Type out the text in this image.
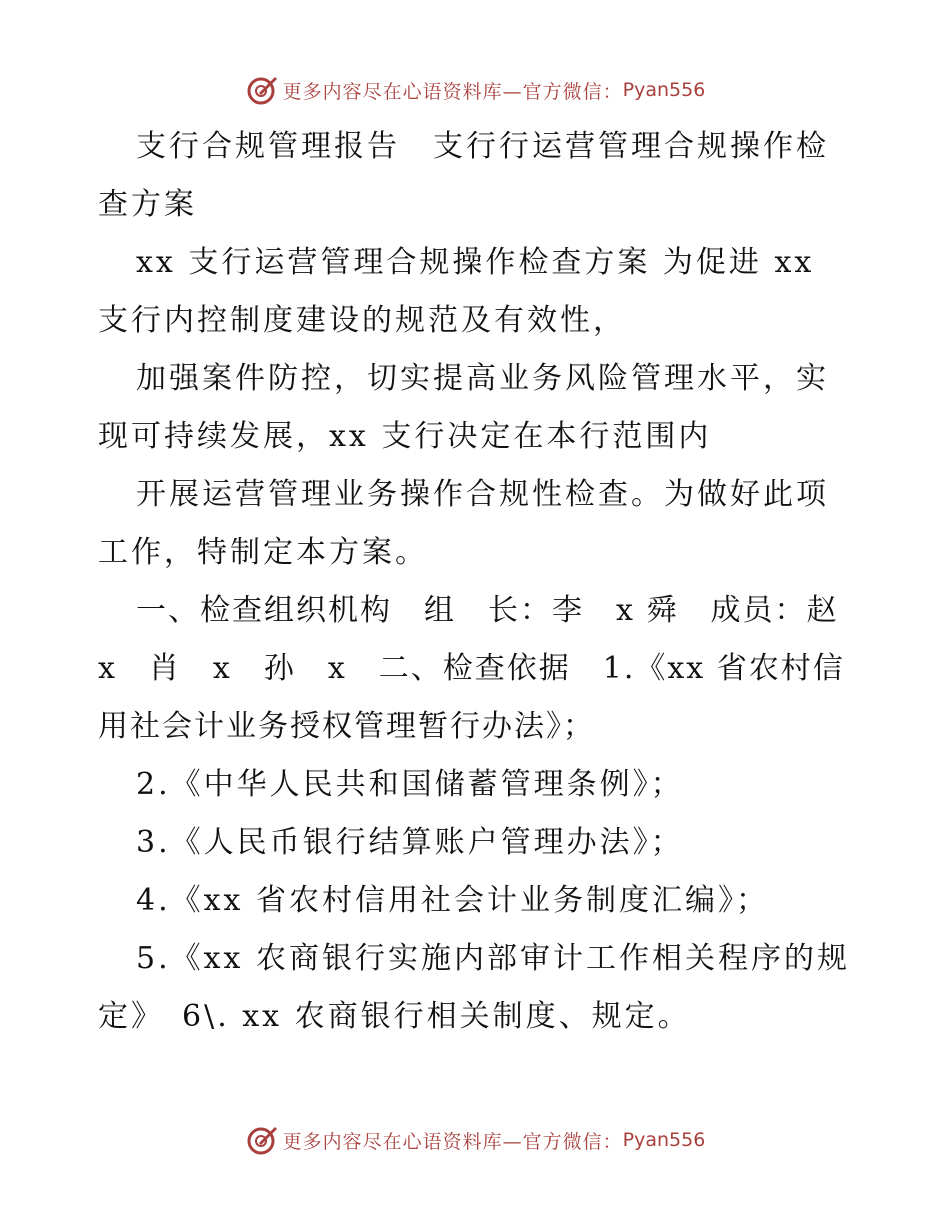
更多内容尽在心语资料库—官方微信： Pyan556

支行合规管理报告　支行行运营管理合规操作检查方案

xx 支行运营管理合规操作检查方案 为促进 xx 支行内控制度建设的规范及有效性，

加强案件防控，切实提高业务风险管理水平，实现可持续发展，xx 支行决定在本行范围内

开展运营管理业务操作合规性检查。为做好此项工作，特制定本方案。

一、检查组织机构　组　长：李　x 舜　成员：赵　x　肖　x　孙　x　二、检查依据　1.《xx 省农村信用社会计业务授权管理暂行办法》；

2.《中华人民共和国储蓄管理条例》；

3.《人民币银行结算账户管理办法》；

4.《xx 省农村信用社会计业务制度汇编》；

5.《xx 农商银行实施内部审计工作相关程序的规定》　6\. xx 农商银行相关制度、规定。

更多内容尽在心语资料库—官方微信： Pyan556
